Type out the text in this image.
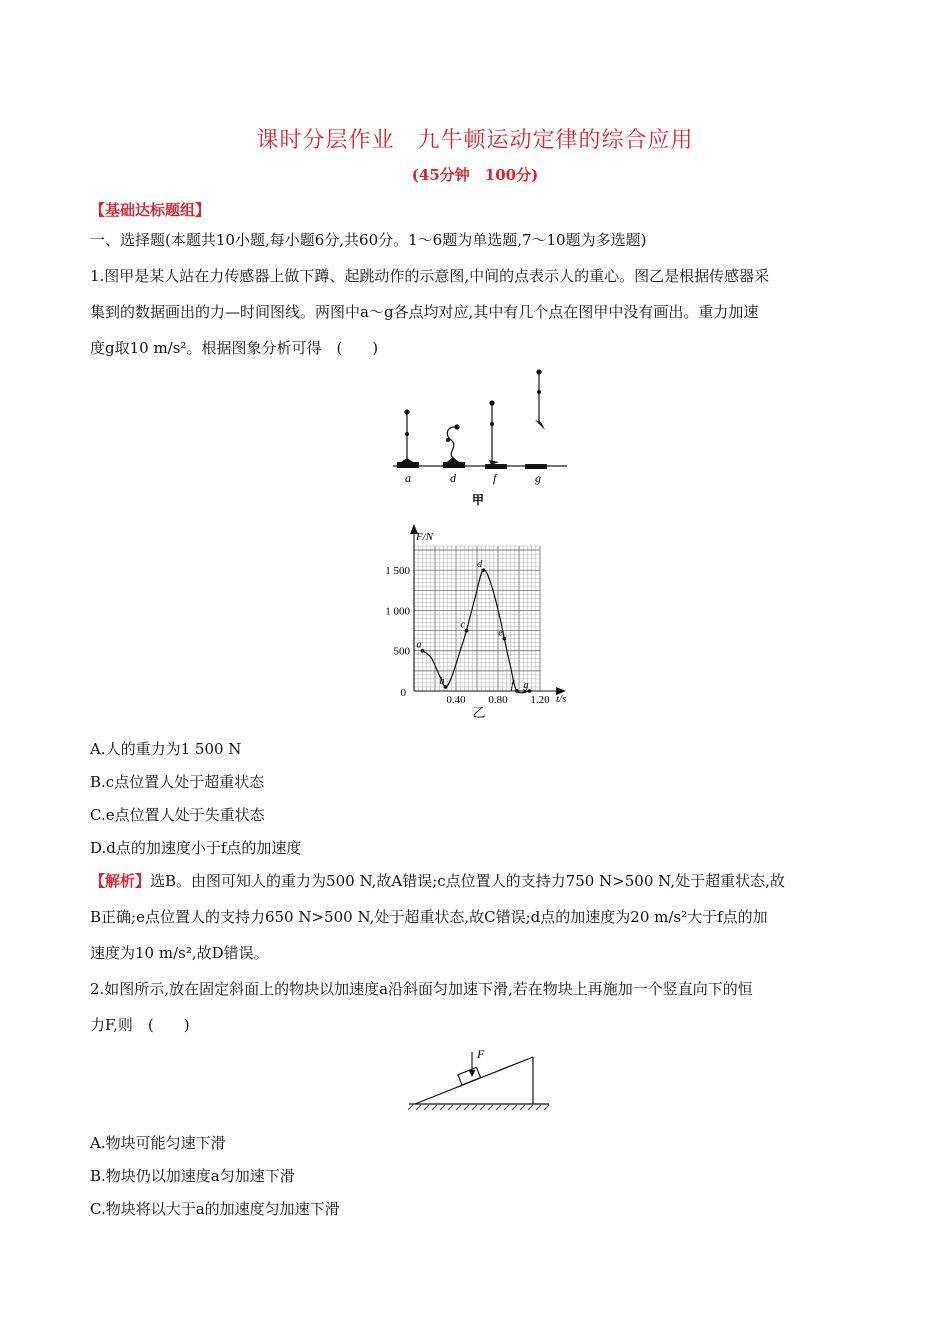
课时分层作业　九牛顿运动定律的综合应用
(45分钟　100分)
【基础达标题组】
一、选择题(本题共10小题,每小题6分,共60分。1～6题为单选题,7～10题为多选题)
1.图甲是某人站在力传感器上做下蹲、起跳动作的示意图,中间的点表示人的重心。图乙是根据传感器采
集到的数据画出的力—时间图线。两图中a～g各点均对应,其中有几个点在图甲中没有画出。重力加速
度g取10 m/s²。根据图象分析可得　(　　)
a	d	f	g
甲
F/N
t/s
0
500
1 000
1 500
0.40 0.80 1.20
a
b
c
d
e
f g
乙
A.人的重力为1 500 N
B.c点位置人处于超重状态
C.e点位置人处于失重状态
D.d点的加速度小于f点的加速度
【解析】选B。由图可知人的重力为500 N,故A错误;c点位置人的支持力750 N>500 N,处于超重状态,故
B正确;e点位置人的支持力650 N>500 N,处于超重状态,故C错误;d点的加速度为20 m/s²大于f点的加
速度为10 m/s²,故D错误。
2.如图所示,放在固定斜面上的物块以加速度a沿斜面匀加速下滑,若在物块上再施加一个竖直向下的恒
力F,则　(　　)
F
A.物块可能匀速下滑
B.物块仍以加速度a匀加速下滑
C.物块将以大于a的加速度匀加速下滑
